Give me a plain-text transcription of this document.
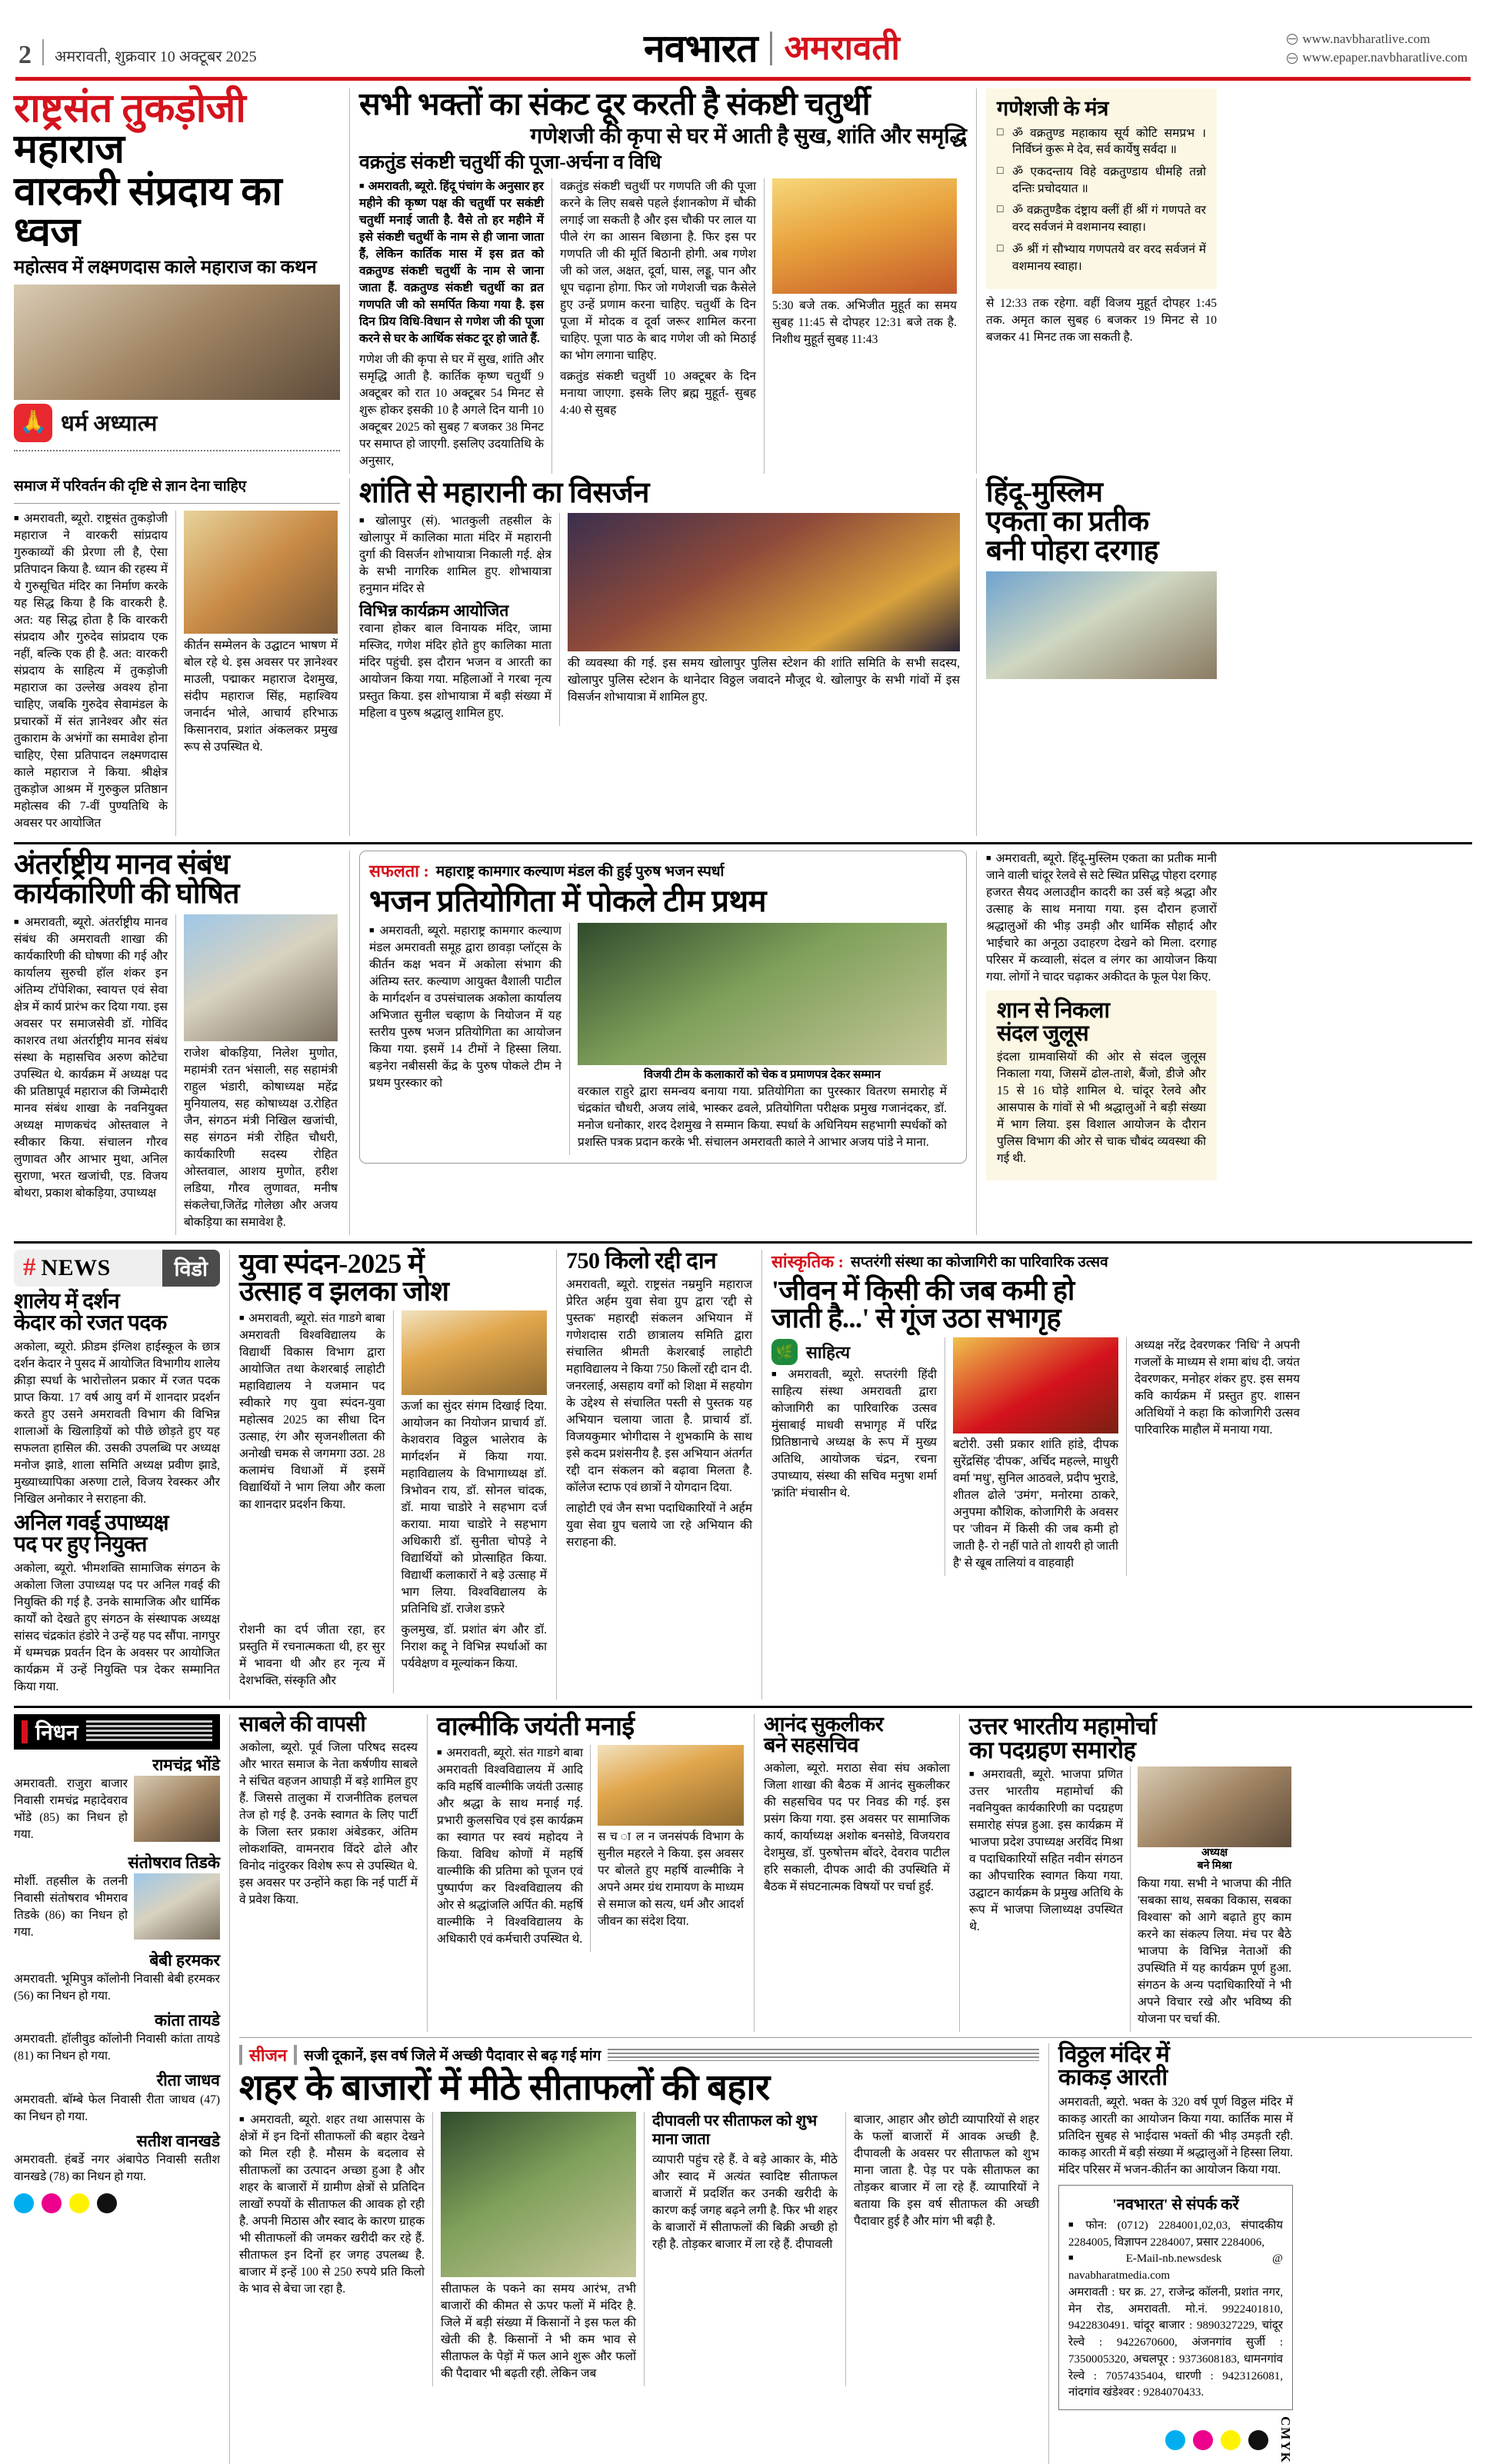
2 अमरावती, शुक्रवार 10 अक्टूबर 2025	नवभारत अमरावती	www.navbharatlive.com
www.epaper.navbharatlive.com
राष्ट्रसंत तुकड़ोजी महाराज
वारकरी संप्रदाय का ध्वज
महोत्सव में लक्ष्मणदास काले महाराज का कथन
🙏 धर्म अध्यात्म
सभी भक्तों का संकट दूर करती है संकष्टी चतुर्थी
गणेशजी की कृपा से घर में आती है सुख, शांति और समृद्धि
वक्रतुंड संकष्टी चतुर्थी की पूजा-अर्चना व विधि

■ अमरावती, ब्यूरो. हिंदू पंचांग के अनुसार हर महीने की कृष्ण पक्ष की चतुर्थी पर सकंष्टी चतुर्थी मनाई जाती है. वैसे तो हर महीने में इसे संकष्टी चतुर्थी के नाम से ही जाना जाता हैं, लेकिन कार्तिक मास में इस व्रत को वक्रतुण्ड संकष्टी चतुर्थी के नाम से जाना जाता हैं. वक्रतुण्ड संकष्टी चतुर्थी का व्रत गणपति जी को समर्पित किया गया है. इस दिन प्रिय विधि-विधान से गणेश जी की पूजा करने से घर के आर्थिक संकट दूर हो जाते हैं.

गणेश जी की कृपा से घर में सुख, शांति और समृद्धि आती है. कार्तिक कृष्ण चतुर्थी 9 अक्टूबर को रात 10 अक्टूबर 54 मिनट से शुरू होकर इसकी 10 है अगले दिन यानी 10 अक्टूबर 2025 को सुबह 7 बजकर 38 मिनट पर समाप्त हो जाएगी. इसलिए उदयातिथि के अनुसार,

वक्रतुंड संकष्टी चतुर्थी पर गणपति जी की पूजा करने के लिए सबसे पहले ईशानकोण में चौकी लगाई जा सकती है और इस चौकी पर लाल या पीले रंग का आसन बिछाना है. फिर इस पर गणपति जी की मूर्ति बिठानी होगी. अब गणेश जी को जल, अक्षत, दूर्वा, घास, लड्डू, पान और धूप चढ़ाना होगा. फिर जो गणेशजी चक्र कैसेले हुए उन्हें प्रणाम करना चाहिए. चतुर्थी के दिन पूजा में मोदक व दूर्वा जरूर शामिल करना चाहिए. पूजा पाठ के बाद गणेश जी को मिठाई का भोग लगाना चाहिए.

वक्रतुंड संकष्टी चतुर्थी 10 अक्टूबर के दिन मनाया जाएगा. इसके लिए ब्रह्म मुहूर्त- सुबह 4:40 से सुबह

5:30 बजे तक. अभिजीत मुहूर्त का समय सुबह 11:45 से दोपहर 12:31 बजे तक है. निशीथ मुहूर्त सुबह 11:43

गणेशजी के मंत्र
□ ॐ वक्रतुण्ड महाकाय सूर्य कोटि समप्रभ । निर्विघ्नं कुरू मे देव, सर्व कार्येषु सर्वदा ॥
□ ॐ एकदन्ताय विहे वक्रतुण्डाय धीमहि तन्नो दन्तिः प्रचोदयात ॥
□ ॐ वक्रतुण्डैक दंष्ट्राय क्लीं हीं श्रीं गं गणपते वर वरद सर्वजनं मे वशमानय स्वाहा।
□ ॐ श्रीं गं सौभ्याय गणपतये वर वरद सर्वजनं में वशमानय स्वाहा।

से 12:33 तक रहेगा. वहीं विजय मुहूर्त दोपहर 1:45 तक. अमृत काल सुबह 6 बजकर 19 मिनट से 10 बजकर 41 मिनट तक जा सकती है.

समाज में परिवर्तन की दृष्टि से ज्ञान देना चाहिए

■ अमरावती, ब्यूरो. राष्ट्रसंत तुकड़ोजी महाराज ने वारकरी सांप्रदाय गुरुकाव्यों की प्रेरणा ली है, ऐसा प्रतिपादन किया है. ध्यान की रहस्य में ये गुरुसूचित मंदिर का निर्माण करके यह सिद्ध किया है कि वारकरी है. अत: यह सिद्ध होता है कि वारकरी संप्रदाय और गुरुदेव सांप्रदाय एक नहीं, बल्कि एक ही है. अत: वारकरी संप्रदाय के साहित्य में तुकड़ोजी महाराज का उल्लेख अवश्य होना चाहिए, जबकि गुरुदेव सेवामंडल के प्रचारकों में संत ज्ञानेश्वर और संत तुकाराम के अभंगों का समावेश होना चाहिए, ऐसा प्रतिपादन लक्ष्मणदास काले महाराज ने किया. श्रीक्षेत्र तुकड़ोज आश्रम में गुरुकुल प्रतिष्ठान महोत्सव की 7-वीं पुण्यतिथि के अवसर पर आयोजित

कीर्तन सम्मेलन के उद्घाटन भाषण में बोल रहे थे. इस अवसर पर ज्ञानेश्वर माउली, पद्माकर महाराज देशमुख, संदीप महाराज सिंह, महाश्विय जनार्दन भोले, आचार्य हरिभाऊ किसानराव, प्रशांत अंकलकर प्रमुख रूप से उपस्थित थे.

शांति से महारानी का विसर्जन

■ खोलापुर (सं). भातकुली तहसील के खोलापुर में कालिका माता मंदिर में महारानी दुर्गा की विसर्जन शोभायात्रा निकाली गई. क्षेत्र के सभी नागरिक शामिल हुए. शोभायात्रा हनुमान मंदिर से

विभिन्न कार्यक्रम आयोजित

रवाना होकर बाल विनायक मंदिर, जामा मस्जिद, गणेश मंदिर होते हुए कालिका माता मंदिर पहुंची. इस दौरान भजन व आरती का आयोजन किया गया. महिलाओं ने गरबा नृत्य प्रस्तुत किया. इस शोभायात्रा में बड़ी संख्या में महिला व पुरुष श्रद्धालु शामिल हुए.

की व्यवस्था की गई. इस समय खोलापुर पुलिस स्टेशन की शांति समिति के सभी सदस्य, खोलापुर पुलिस स्टेशन के थानेदार विठ्ठल जवादने मौजूद थे. खोलापुर के सभी गांवों में इस विसर्जन शोभायात्रा में शामिल हुए.

हिंदू-मुस्लिम
एकता का प्रतीक
बनी पोहरा दरगाह
अंतर्राष्ट्रीय मानव संबंध
कार्यकारिणी की घोषित

■ अमरावती, ब्यूरो. अंतर्राष्ट्रीय मानव संबंध की अमरावती शाखा की कार्यकारिणी की घोषणा की गई और कार्यालय सुरुची हॉल शंकर इन अंतिम्य टॉपेशिका, स्वायत्त एवं सेवा क्षेत्र में कार्य प्रारंभ कर दिया गया. इस अवसर पर समाजसेवी डॉ. गोविंद काशरव तथा अंतर्राष्ट्रीय मानव संबंध संस्था के महासचिव अरुण कोटेचा उपस्थित थे. कार्यक्रम में अध्यक्ष पद की प्रतिष्ठापूर्व महाराज की जिम्मेदारी मानव संबंध शाखा के नवनियुक्त अध्यक्ष माणकचंद ओस्तवाल ने स्वीकार किया. संचालन गौरव लुणावत और आभार मुथा, अनिल सुराणा, भरत खजांची, एड. विजय बोथरा, प्रकाश बोकड़िया, उपाध्यक्ष

राजेश बोकड़िया, निलेश मुणोत, महामंत्री रतन भंसाली, सह सहामंत्री राहुल भंडारी, कोषाध्यक्ष महेंद्र मुनियालय, सह कोषाध्यक्ष उ.रोहित जैन, संगठन मंत्री निखिल खजांची, सह संगठन मंत्री रोहित चौधरी, कार्यकारिणी सदस्य रोहित ओस्तवाल, आशय मुणोत, हरीश लडिया, गौरव लुणावत, मनीष संकलेचा,जितेंद्र गोलेछा और अजय बोकड़िया का समावेश है.

सफलता : महाराष्ट्र कामगार कल्याण मंडल की हुई पुरुष भजन स्पर्धा
भजन प्रतियोगिता में पोकले टीम प्रथम

■ अमरावती, ब्यूरो. महाराष्ट्र कामगार कल्याण मंडल अमरावती समूह द्वारा छावड़ा प्लॉट्स के कीर्तन कक्ष भवन में अकोला संभाग की अंतिम्य स्तर. कल्याण आयुक्त वैशाली पाटील के मार्गदर्शन व उपसंचालक अकोला कार्यालय अभिजात सुनील चव्हाण के नियोजन में यह स्तरीय पुरुष भजन प्रतियोगिता का आयोजन किया गया. इसमें 14 टीमों ने हिस्सा लिया. बड़नेरा नबीससी केंद्र के पुरुष पोकले टीम ने प्रथम पुरस्कार को

विजयी टीम के कलाकारों को चेक व प्रमाणपत्र देकर सम्मान

वरकाल राहुरे द्वारा समन्वय बनाया गया. प्रतियोगिता का पुरस्कार वितरण समारोह में चंद्रकांत चौधरी, अजय लांबे, भास्कर ढवले, प्रतियोगिता परीक्षक प्रमुख गजानंदकर, डॉ. मनोज धनोकार, शरद देशमुख ने सम्मान किया. स्पर्धा के अधिनियम सहभागी स्पर्धकों को प्रशस्ति पत्रक प्रदान करके भी. संचालन अमरावती काले ने आभार अजय पांडे ने माना.

■ अमरावती, ब्यूरो. हिंदू-मुस्लिम एकता का प्रतीक मानी जाने वाली चांदूर रेलवे से सटे स्थित प्रसिद्ध पोहरा दरगाह हजरत सैयद अलाउद्दीन कादरी का उर्स बड़े श्रद्धा और उत्साह के साथ मनाया गया. इस दौरान हजारों श्रद्धालुओं की भीड़ उमड़ी और धार्मिक सौहार्द और भाईचारे का अनूठा उदाहरण देखने को मिला. दरगाह परिसर में कव्वाली, संदल व लंगर का आयोजन किया गया. लोगों ने चादर चढ़ाकर अकीदत के फूल पेश किए.

शान से निकला
संदल जुलूस

इंदला ग्रामवासियों की ओर से संदल जुलूस निकाला गया, जिसमें ढोल-ताशे, बैंजो, डीजे और 15 से 16 घोड़े शामिल थे. चांदूर रेलवे और आसपास के गांवों से भी श्रद्धालुओं ने बड़ी संख्या में भाग लिया. इस विशाल आयोजन के दौरान पुलिस विभाग की ओर से चाक चौबंद व्यवस्था की गई थी.

# NEWS	विडो
शालेय में दर्शन
केदार को रजत पदक

अकोला, ब्यूरो. फ्रीडम इंग्लिश हाईस्कूल के छात्र दर्शन केदार ने पुसद में आयोजित विभागीय शालेय क्रीड़ा स्पर्धा के भारोत्तोलन प्रकार में रजत पदक प्राप्त किया. 17 वर्ष आयु वर्ग में शानदार प्रदर्शन करते हुए उसने अमरावती विभाग की विभिन्न शालाओं के खिलाड़ियों को पीछे छोड़ते हुए यह सफलता हासिल की. उसकी उपलब्धि पर अध्यक्ष मनोज झाडे, शाला समिति अध्यक्ष प्रवीण झाडे, मुख्याध्यापिका अरुणा टाले, विजय रेवस्कर और निखिल अनोकार ने सराहना की.

अनिल गवई उपाध्यक्ष
पद पर हुए नियुक्त

अकोला, ब्यूरो. भीमशक्ति सामाजिक संगठन के अकोला जिला उपाध्यक्ष पद पर अनिल गवई की नियुक्ति की गई है. उनके सामाजिक और धार्मिक कार्यों को देखते हुए संगठन के संस्थापक अध्यक्ष सांसद चंद्रकांत हंडोरे ने उन्हें यह पद सौंपा. नागपुर में धम्मचक्र प्रवर्तन दिन के अवसर पर आयोजित कार्यक्रम में उन्हें नियुक्ति पत्र देकर सम्मानित किया गया.

युवा स्पंदन-2025 में
उत्साह व झलका जोश

■ अमरावती, ब्यूरो. संत गाडगे बाबा अमरावती विश्वविद्यालय के विद्यार्थी विकास विभाग द्वारा आयोजित तथा केशरबाई लाहोटी महाविद्यालय ने यजमान पद स्वीकारे गए युवा स्पंदन-युवा महोत्सव 2025 का सीधा दिन उत्साह, रंग और सृजनशीलता की अनोखी चमक से जगमगा उठा. 28 कलामंच विधाओं में इसमें विद्यार्थियों ने भाग लिया और कला का शानदार प्रदर्शन किया.

ऊर्जा का सुंदर संगम दिखाई दिया. आयोजन का नियोजन प्राचार्य डॉ. केशवराव विठ्ठल भालेराव के मार्गदर्शन में किया गया. महाविद्यालय के विभागाध्यक्ष डॉ. त्रिभोवन राय, डॉ. सोनल चांदक, डॉ. माया चाडोरे ने सहभाग दर्ज कराया. माया चाडोरे ने सहभाग अधिकारी डॉ. सुनीता चोपड़े ने विद्यार्थियों को प्रोत्साहित किया. विद्यार्थी कलाकारों ने बड़े उत्साह में भाग लिया. विश्वविद्यालय के प्रतिनिधि डॉ. राजेश डफ़रे

रोशनी का दर्प जीता रहा, हर प्रस्तुति में रचनात्मकता थी, हर सुर में भावना थी और हर नृत्य में देशभक्ति, संस्कृति और

कुलमुख, डॉ. प्रशांत बंग और डॉ. निराश कद्दू ने विभिन्न स्पर्धाओं का पर्यवेक्षण व मूल्यांकन किया.

750 किलो रद्दी दान

अमरावती, ब्यूरो. राष्ट्रसंत नम्रमुनि महाराज प्रेरित अर्हम युवा सेवा ग्रुप द्वारा 'रद्दी से पुस्तक' महारद्दी संकलन अभियान में गणेशदास राठी छात्रालय समिति द्वारा संचालित श्रीमती केशरबाई लाहोटी महाविद्यालय ने किया 750 किलों रद्दी दान दी. जनरलाई, असहाय वर्गों को शिक्षा में सहयोग के उद्देश्य से संचालित पस्ती से पुस्तक यह अभियान चलाया जाता है. प्राचार्य डॉ. विजयकुमार भोगीदास ने शुभकामि के साथ इसे कदम प्रशंसनीय है. इस अभियान अंतर्गत रद्दी दान संकलन को बढ़ावा मिलता है. कॉलेज स्टाफ एवं छात्रों ने योगदान दिया.

लाहोटी एवं जैन सभा पदाधिकारियों ने अर्हम युवा सेवा ग्रुप चलाये जा रहे अभियान की सराहना की.

सांस्कृतिक : सप्तरंगी संस्था का कोजागिरी का पारिवारिक उत्सव
'जीवन में किसी की जब कमी हो
जाती है...' से गूंज उठा सभागृह
🌿 साहित्य

■ अमरावती, ब्यूरो. सप्तरंगी हिंदी साहित्य संस्था अमरावती द्वारा कोजागिरी का पारिवारिक उत्सव मुंसाबाई माधवी सभागृह में परिंद्र प्रितिष्ठानाचे अध्यक्ष के रूप में मुख्य अतिथि, आयोजक चंद्रन, रचना उपाध्याय, संस्था की सचिव मनुषा शर्मा 'क्रांति' मंचासीन थे.

बटोरी. उसी प्रकार शांति हांडे, दीपक सुरेंद्रसिंह 'दीपक', अर्चिद महल्ले, माधुरी वर्मा 'मधु', सुनिल आठवले, प्रदीप भुराडे, शीतल ढोले 'उमंग', मनोरमा ठाकरे, अनुपमा कौशिक, कोजागिरी के अवसर पर 'जीवन में किसी की जब कमी हो जाती है- रो नहीं पाते तो शायरी हो जाती है' से खूब तालियां व वाहवाही

अध्यक्ष नरेंद्र देवरणकर 'निधि' ने अपनी गजलों के माध्यम से शमा बांध दी. जयंत देवरणकर, मनोहर शंकर हुए. इस समय कवि कार्यक्रम में प्रस्तुत हुए. शासन अतिथियों ने कहा कि कोजागिरी उत्सव पारिवारिक माहौल में मनाया गया.

निधन
रामचंद्र भोंडे

अमरावती. राजुरा बाजार निवासी रामचंद्र महादेवराव भोंडे (85) का निधन हो गया.

संतोषराव तिडके

मोर्शी. तहसील के तलनी निवासी संतोषराव भीमराव तिडके (86) का निधन हो गया.

बेबी हरमकर

अमरावती. भूमिपुत्र कॉलोनी निवासी बेबी हरमकर (56) का निधन हो गया.

कांता तायडे

अमरावती. हॉलीवुड कॉलोनी निवासी कांता तायडे (81) का निधन हो गया.

रीता जाधव

अमरावती. बॉम्बे फेल निवासी रीता जाधव (47) का निधन हो गया.

सतीश वानखडे

अमरावती. हंबर्डे नगर अंबापेठ निवासी सतीश वानखडे (78) का निधन हो गया.

साबले की वापसी

अकोला, ब्यूरो. पूर्व जिला परिषद सदस्य और भारत समाज के नेता कर्षणीय साबले ने संचित वहजन आघाड़ी में बड़े शामिल हुए हैं. जिससे तालुका में राजनीतिक हलचल तेज हो गई है. उनके स्वागत के लिए पार्टी के जिला स्तर प्रकाश अंबेडकर, अंतिम लोकशक्ति, वामनराव विंदरे ढोले और विनोद नांदुरकर विशेष रूप से उपस्थित थे. इस अवसर पर उन्होंने कहा कि नई पार्टी में वे प्रवेश किया.

वाल्मीकि जयंती मनाई

■ अमरावती, ब्यूरो. संत गाडगे बाबा अमरावती विश्वविद्यालय में आदि कवि महर्षि वाल्मीकि जयंती उत्साह और श्रद्धा के साथ मनाई गई. प्रभारी कुलसचिव एवं इस कार्यक्रम का स्वागत पर स्वयं महोदय ने किया. विविध कोणों में महर्षि वाल्मीकि की प्रतिमा को पूजन एवं पुष्पार्पण कर विश्वविद्यालय की ओर से श्रद्धांजलि अर्पित की. महर्षि वाल्मीकि ने विश्वविद्यालय के अधिकारी एवं कर्मचारी उपस्थित थे.

स च ा ल न जनसंपर्क विभाग के सुनील महरले ने किया. इस अवसर पर बोलते हुए महर्षि वाल्मीकि ने अपने अमर ग्रंथ रामायण के माध्यम से समाज को सत्य, धर्म और आदर्श जीवन का संदेश दिया.

आनंद सुकलीकर
बने सहसचिव

अकोला, ब्यूरो. मराठा सेवा संघ अकोला जिला शाखा की बैठक में आनंद सुकलीकर की सहसचिव पद पर निवड की गई. इस प्रसंग किया गया. इस अवसर पर सामाजिक कार्य, कार्याध्यक्ष अशोक बनसोडे, विजयराव देशमुख, डॉ. पुरुषोत्तम बोंदरे, देवराव पाटील हरि सकाली, दीपक आदी की उपस्थिति में बैठक में संघटनात्मक विषयों पर चर्चा हुई.

उत्तर भारतीय महामोर्चा
का पदग्रहण समारोह

■ अमरावती, ब्यूरो. भाजपा प्रणित उत्तर भारतीय महामोर्चा की नवनियुक्त कार्यकारिणी का पदग्रहण समारोह संपन्न हुआ. इस कार्यक्रम में भाजपा प्रदेश उपाध्यक्ष अरविंद मिश्रा व पदाधिकारियों सहित नवीन संगठन का औपचारिक स्वागत किया गया. उद्घाटन कार्यक्रम के प्रमुख अतिथि के रूप में भाजपा जिलाध्यक्ष उपस्थित थे.

अध्यक्ष
बने मिश्रा

किया गया. सभी ने भाजपा की नीति 'सबका साथ, सबका विकास, सबका विश्वास' को आगे बढ़ाते हुए काम करने का संकल्प लिया. मंच पर बैठे भाजपा के विभिन्न नेताओं की उपस्थिति में यह कार्यक्रम पूर्ण हुआ. संगठन के अन्य पदाधिकारियों ने भी अपने विचार रखे और भविष्य की योजना पर चर्चा की.

सीजन सजी दूकानें, इस वर्ष जिले में अच्छी पैदावार से बढ़ गई मांग
शहर के बाजारों में मीठे सीताफलों की बहार

■ अमरावती, ब्यूरो. शहर तथा आसपास के क्षेत्रों में इन दिनों सीताफलों की बहार देखने को मिल रही है. मौसम के बदलाव से सीताफलों का उत्पादन अच्छा हुआ है और शहर के बाजारों में ग्रामीण क्षेत्रों से प्रतिदिन लाखों रुपयों के सीताफल की आवक हो रही है. अपनी मिठास और स्वाद के कारण ग्राहक भी सीताफलों की जमकर खरीदी कर रहे हैं. सीताफल इन दिनों हर जगह उपलब्ध है. बाजार में इन्हें 100 से 250 रुपये प्रति किलो के भाव से बेचा जा रहा है.	सीताफल के पकने का समय आरंभ, तभी बाजारों की कीमत से ऊपर फलों में मंदिर है. जिले में बड़ी संख्या में किसानों ने इस फल की खेती की है. किसानों ने भी कम भाव से सीताफल के पेड़ों में फल आने शुरू और फलों की पैदावार भी बढ़ती रही. लेकिन जब

दीपावली पर सीताफल को शुभ माना जाता

व्यापारी पहुंच रहे हैं. वे बड़े आकार के, मीठे और स्वाद में अत्यंत स्वादिष्ट सीताफल बाजारों में प्रदर्शित कर उनकी खरीदी के कारण कई जगह बढ़ने लगी है. फिर भी शहर के बाजारों में सीताफलों की बिक्री अच्छी हो रही है. तोड़कर बाजार में ला रहे हैं. दीपावली

बाजार, आहार और छोटी व्यापारियों से शहर के फलों बाजारों में आवक अच्छी है. दीपावली के अवसर पर सीताफल को शुभ माना जाता है. पेड़ पर पके सीताफल का तोड़कर बाजार में ला रहे हैं. व्यापारियों ने बताया कि इस वर्ष सीताफल की अच्छी पैदावार हुई है और मांग भी बढ़ी है.

विठ्ठल मंदिर में
काकड़ आरती

अमरावती, ब्यूरो. भक्त के 320 वर्ष पूर्ण विठ्ठल मंदिर में काकड़ आरती का आयोजन किया गया. कार्तिक मास में प्रतिदिन सुबह से भाईदास भक्तों की भीड़ उमड़ती रही. काकड़ आरती में बड़ी संख्या में श्रद्धालुओं ने हिस्सा लिया. मंदिर परिसर में भजन-कीर्तन का आयोजन किया गया.

'नवभारत' से संपर्क करें

■ फोन: (0712) 2284001,02,03, संपादकीय 2284005, विज्ञापन 2284007, प्रसार 2284006,

■ E-Mail-nb.newsdesk @ navabharatmedia.com

अमरावती : घर क्र. 27, राजेन्द्र कॉलनी, प्रशांत नगर, मेन रोड, अमरावती. मो.नं. 9922401810, 9422830491. चांदूर बाजार : 9890327229, चांदूर रेल्वे : 9422670600, अंजनगांव सुर्जी : 7350005320, अचलपूर : 9373608183, धामनगांव रेल्वे : 7057435404, धारणी : 9423126081, नांदगांव खंडेश्वर : 9284070433.

CMYK
